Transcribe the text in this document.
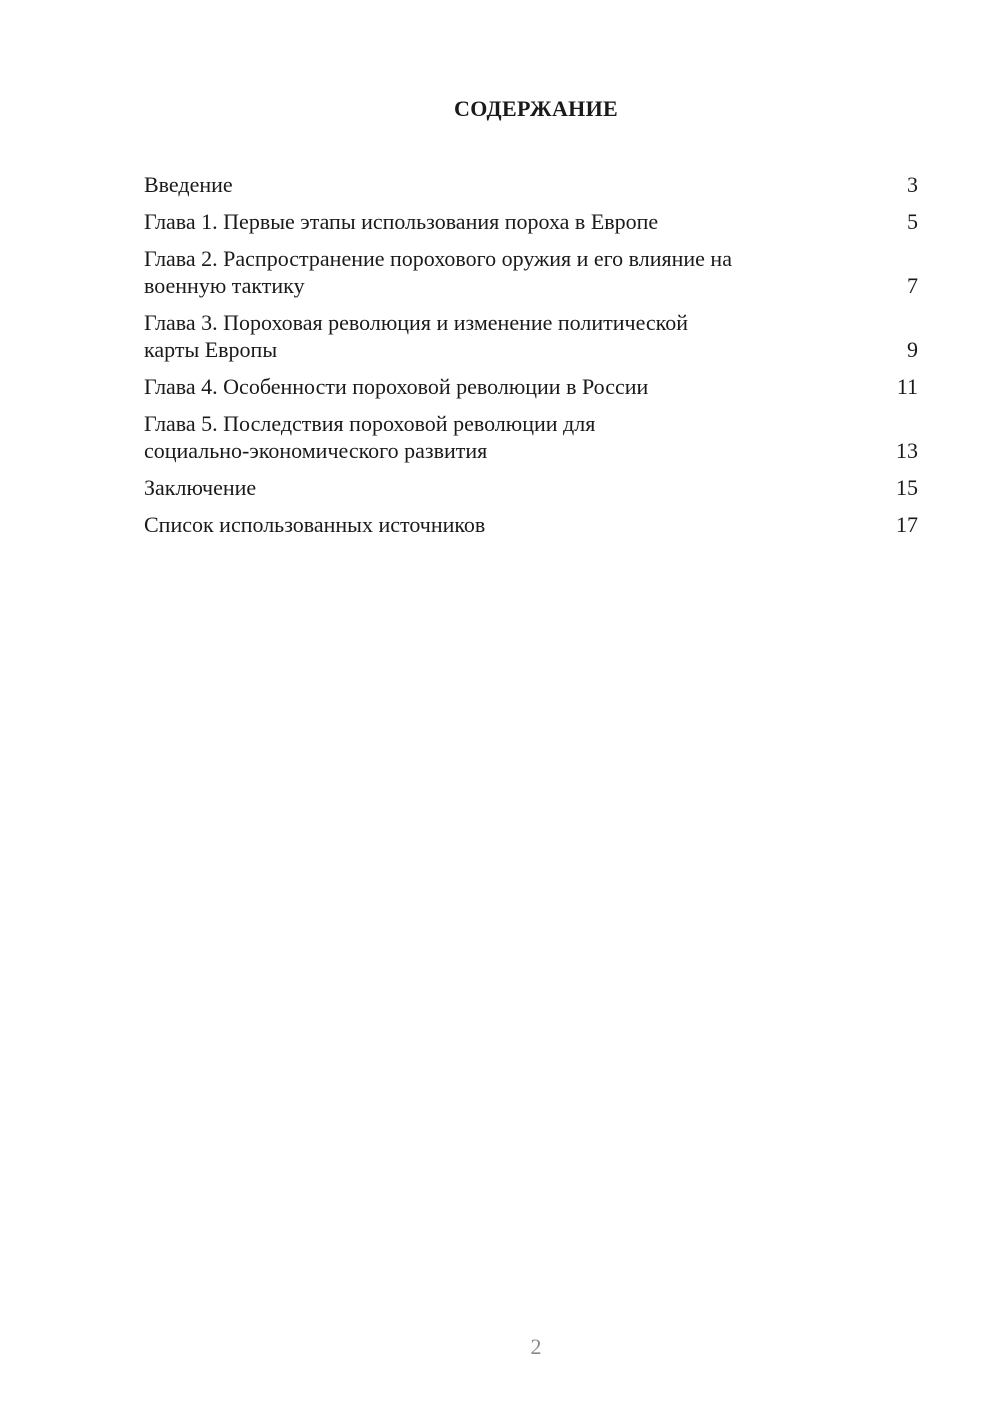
СОДЕРЖАНИЕ
Введение	3
Глава 1. Первые этапы использования пороха в Европе	5
Глава 2. Распространение порохового оружия и его влияние на
военную тактику	7
Глава 3. Пороховая революция и изменение политической
карты Европы	9
Глава 4. Особенности пороховой революции в России	11
Глава 5. Последствия пороховой революции для
социально-экономического развития	13
Заключение	15
Список использованных источников	17
2
